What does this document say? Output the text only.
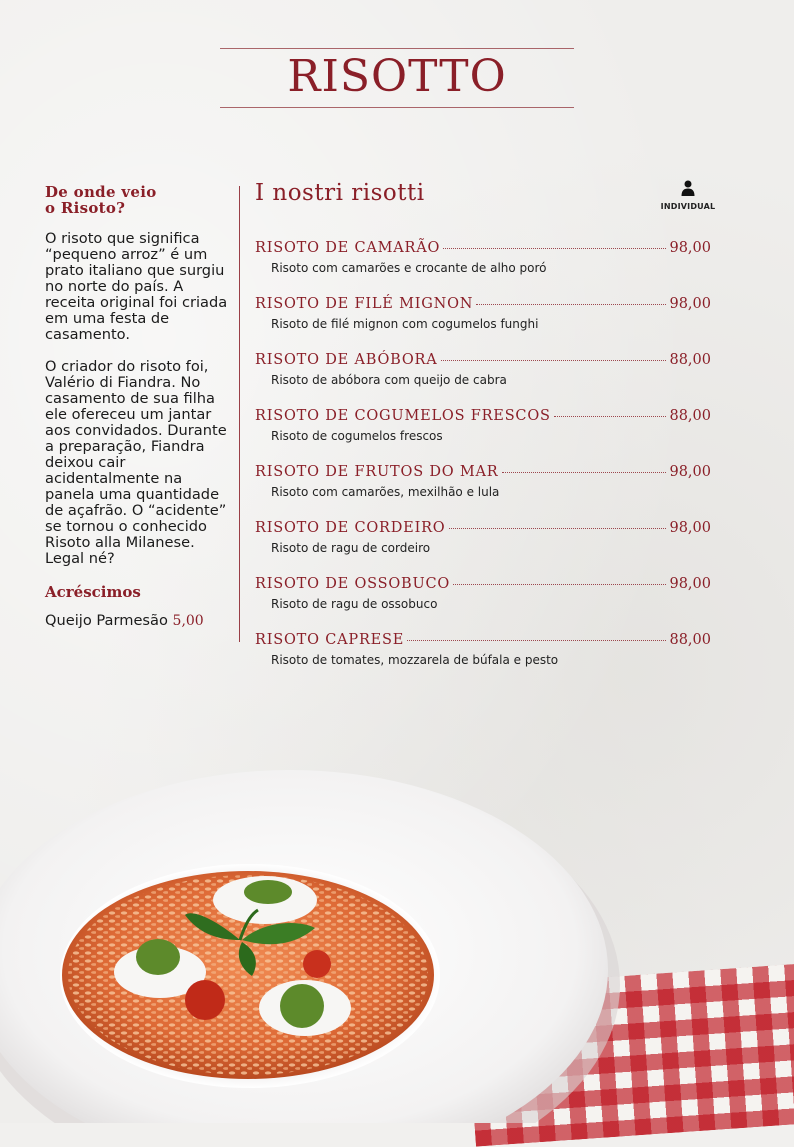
RISOTTO
De onde veio
o Risoto?

O risoto que significa “pequeno arroz” é um prato italiano que surgiu no norte do país. A receita original foi criada em uma festa de casamento.

O criador do risoto foi, Valério di Fiandra. No casamento de sua filha ele ofereceu um jantar aos convidados. Durante a preparação, Fiandra deixou cair acidentalmente na panela uma quantidade de açafrão. O “acidente” se tornou o conhecido Risoto alla Milanese. Legal né?

Acréscimos
Queijo Parmesão 5,00
I nostri risotti
INDIVIDUAL
RISOTO DE CAMARÃO	98,00
Risoto com camarões e crocante de alho poró
RISOTO DE FILÉ MIGNON	98,00
Risoto de filé mignon com cogumelos funghi
RISOTO DE ABÓBORA	88,00
Risoto de abóbora com queijo de cabra
RISOTO DE COGUMELOS FRESCOS	88,00
Risoto de cogumelos frescos
RISOTO DE FRUTOS DO MAR	98,00
Risoto com camarões, mexilhão e lula
RISOTO DE CORDEIRO	98,00
Risoto de ragu de cordeiro
RISOTO DE OSSOBUCO	98,00
Risoto de ragu de ossobuco
RISOTO CAPRESE	88,00
Risoto de tomates, mozzarela de búfala e pesto
